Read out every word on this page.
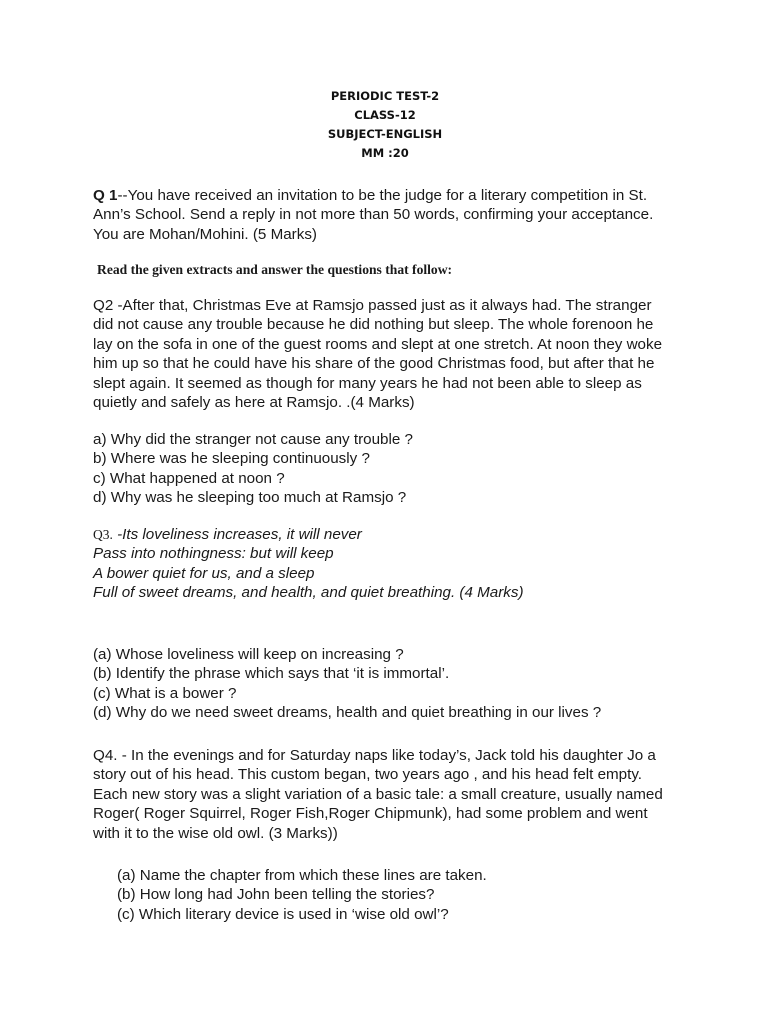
PERIODIC TEST-2
CLASS-12
SUBJECT-ENGLISH
MM :20

Q 1--You have received an invitation to be the judge for a literary competition in St.

Ann’s School. Send a reply in not more than 50 words, confirming your acceptance.

You are Mohan/Mohini. (5 Marks)

Read the given extracts and answer the questions that follow:

Q2 -After that, Christmas Eve at Ramsjo passed just as it always had. The stranger

did not cause any trouble because he did nothing but sleep. The whole forenoon he

lay on the sofa in one of the guest rooms and slept at one stretch. At noon they woke

him up so that he could have his share of the good Christmas food, but after that he

slept again. It seemed as though for many years he had not been able to sleep as

quietly and safely as here at Ramsjo. .(4 Marks)

a) Why did the stranger not cause any trouble ?

b) Where was he sleeping continuously ?

c) What happened at noon ?

d) Why was he sleeping too much at Ramsjo ?

Q3. -Its loveliness increases, it will never

Pass into nothingness: but will keep

A bower quiet for us, and a sleep

Full of sweet dreams, and health, and quiet breathing. (4 Marks)

(a) Whose loveliness will keep on increasing ?

(b) Identify the phrase which says that ‘it is immortal’.

(c) What is a bower ?

(d) Why do we need sweet dreams, health and quiet breathing in our lives ?

Q4. - In the evenings and for Saturday naps like today’s, Jack told his daughter Jo a

story out of his head. This custom began, two years ago , and his head felt empty.

Each new story was a slight variation of a basic tale: a small creature, usually named

Roger( Roger Squirrel, Roger Fish,Roger Chipmunk), had some problem and went

with it to the wise old owl. (3 Marks))

(a) Name the chapter from which these lines are taken.

(b) How long had John been telling the stories?

(c) Which literary device is used in ‘wise old owl’?
